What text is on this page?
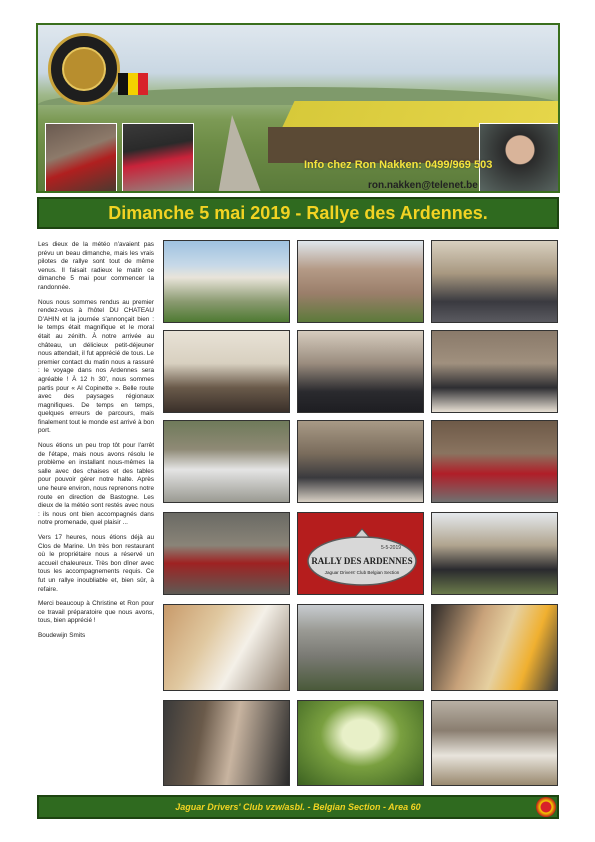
Info chez Ron Nakken: 0499/969 503
ron.nakken@telenet.be
Dimanche 5 mai 2019 - Rallye des Ardennes.

Les dieux de la météo n'avaient pas prévu un beau dimanche, mais les vrais pilotes de rallye sont tout de même venus. Il faisait radieux le matin ce dimanche 5 mai pour commencer la randonnée.

Nous nous sommes rendus au premier rendez-vous à l'hôtel DU CHATEAU D'AHIN et la journée s'annonçait bien : le temps était magnifique et le moral était au zénith. À notre arrivée au château, un délicieux petit-déjeuner nous attendait, il fut apprécié de tous. Le premier contact du matin nous a rassuré : le voyage dans nos Ardennes sera agréable ! À 12 h 30', nous sommes partis pour « Al Copinette ». Belle route avec des paysages régionaux magnifiques. De temps en temps, quelques erreurs de parcours, mais finalement tout le monde est arrivé à bon port.

Nous étions un peu trop tôt pour l'arrêt de l'étape, mais nous avons résolu le problème en installant nous-mêmes la salle avec des chaises et des tables pour pouvoir gérer notre halte. Après une heure environ, nous reprenons notre route en direction de Bastogne. Les dieux de la météo sont restés avec nous : ils nous ont bien accompagnés dans notre promenade, quel plaisir ...

Vers 17 heures, nous étions déjà au Clos de Marine. Un très bon restaurant où le propriétaire nous a réservé un accueil chaleureux. Très bon dîner avec tous les accompagnements requis. Ce fut un rallye inoubliable et, bien sûr, à refaire.

Merci beaucoup à Christine et Ron pour ce travail préparatoire que nous avons, tous, bien apprécié !

Boudewijn Smits

5-5-2019
RALLY DES ARDENNES
Jaguar Drivers' Club Belgian Section
Jaguar Drivers' Club vzw/asbl. - Belgian Section - Area 60
